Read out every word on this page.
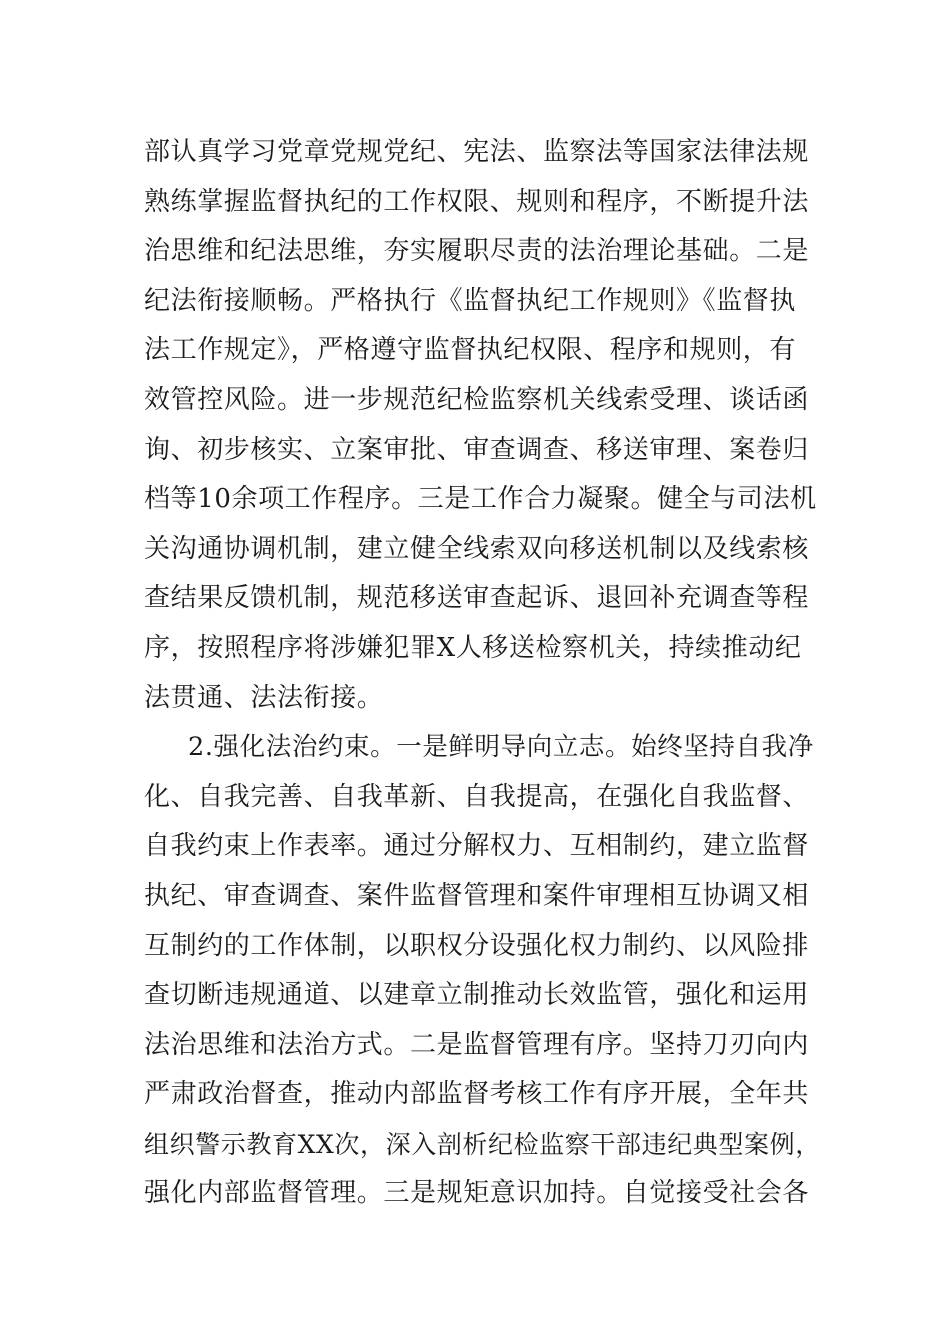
部认真学习党章党规党纪、宪法、监察法等国家法律法规
熟练掌握监督执纪的工作权限、规则和程序，不断提升法
治思维和纪法思维，夯实履职尽责的法治理论基础。二是
纪法衔接顺畅。严格执行《监督执纪工作规则》《监督执
法工作规定》，严格遵守监督执纪权限、程序和规则，有
效管控风险。进一步规范纪检监察机关线索受理、谈话函
询、初步核实、立案审批、审查调查、移送审理、案卷归
档等10余项工作程序。三是工作合力凝聚。健全与司法机
关沟通协调机制，建立健全线索双向移送机制以及线索核
查结果反馈机制，规范移送审查起诉、退回补充调查等程
序，按照程序将涉嫌犯罪X人移送检察机关，持续推动纪
法贯通、法法衔接。
2.强化法治约束。一是鲜明导向立志。始终坚持自我净
化、自我完善、自我革新、自我提高，在强化自我监督、
自我约束上作表率。通过分解权力、互相制约，建立监督
执纪、审查调查、案件监督管理和案件审理相互协调又相
互制约的工作体制，以职权分设强化权力制约、以风险排
查切断违规通道、以建章立制推动长效监管，强化和运用
法治思维和法治方式。二是监督管理有序。坚持刀刃向内
严肃政治督查，推动内部监督考核工作有序开展，全年共
组织警示教育XX次，深入剖析纪检监察干部违纪典型案例，
强化内部监督管理。三是规矩意识加持。自觉接受社会各
